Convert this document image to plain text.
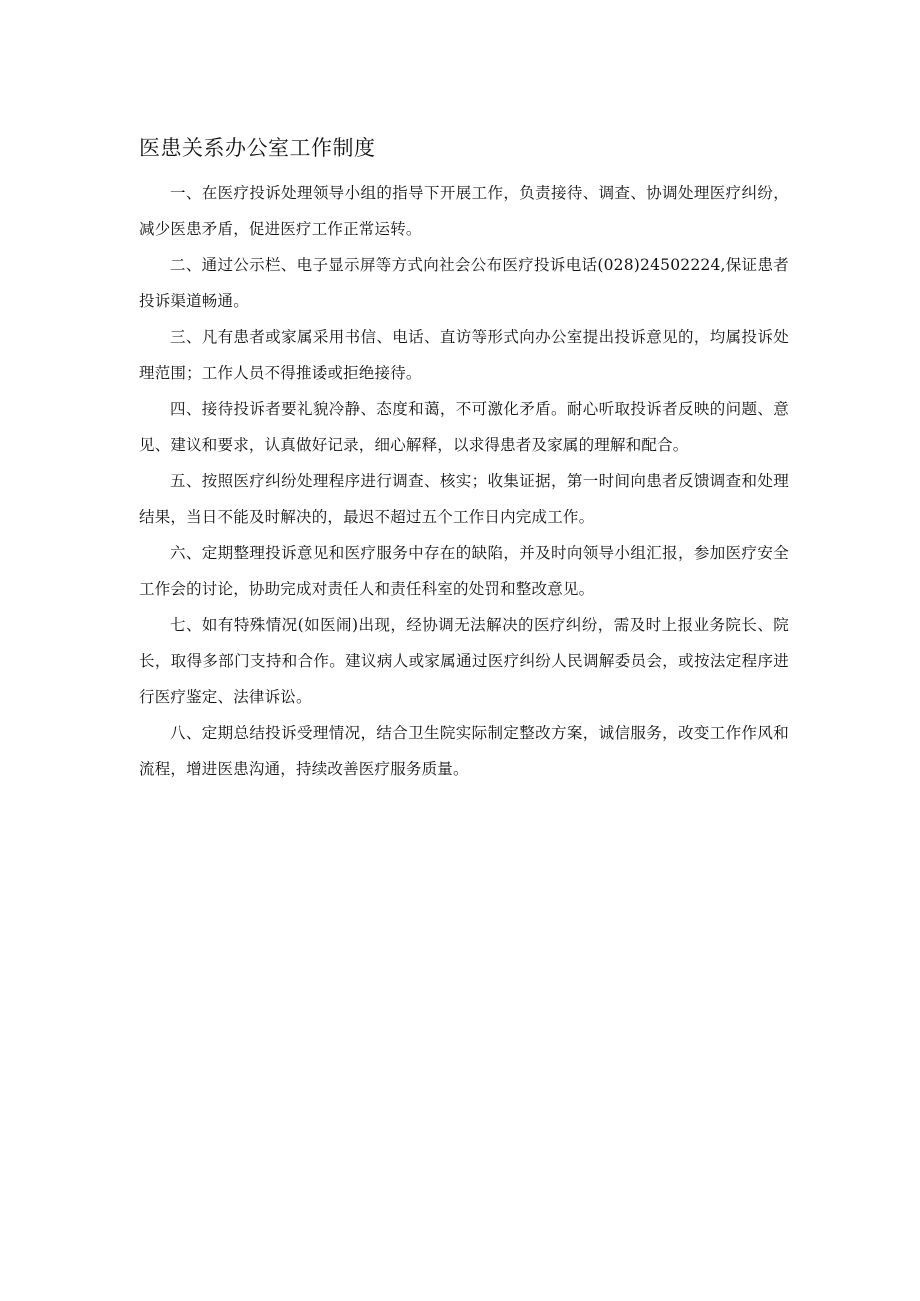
医患关系办公室工作制度

一、在医疗投诉处理领导小组的指导下开展工作，负责接待、调查、协调处理医疗纠纷，减少医患矛盾，促进医疗工作正常运转。

二、通过公示栏、电子显示屏等方式向社会公布医疗投诉电话(028)24502224,保证患者投诉渠道畅通。

三、凡有患者或家属采用书信、电话、直访等形式向办公室提出投诉意见的，均属投诉处理范围；工作人员不得推诿或拒绝接待。

四、接待投诉者要礼貌冷静、态度和蔼，不可激化矛盾。耐心听取投诉者反映的问题、意见、建议和要求，认真做好记录，细心解释，以求得患者及家属的理解和配合。

五、按照医疗纠纷处理程序进行调查、核实；收集证据，第一时间向患者反馈调查和处理结果，当日不能及时解决的，最迟不超过五个工作日内完成工作。

六、定期整理投诉意见和医疗服务中存在的缺陷，并及时向领导小组汇报，参加医疗安全工作会的讨论，协助完成对责任人和责任科室的处罚和整改意见。

七、如有特殊情况(如医闹)出现，经协调无法解决的医疗纠纷，需及时上报业务院长、院长，取得多部门支持和合作。建议病人或家属通过医疗纠纷人民调解委员会，或按法定程序进行医疗鉴定、法律诉讼。

八、定期总结投诉受理情况，结合卫生院实际制定整改方案，诚信服务，改变工作作风和流程，增进医患沟通，持续改善医疗服务质量。
